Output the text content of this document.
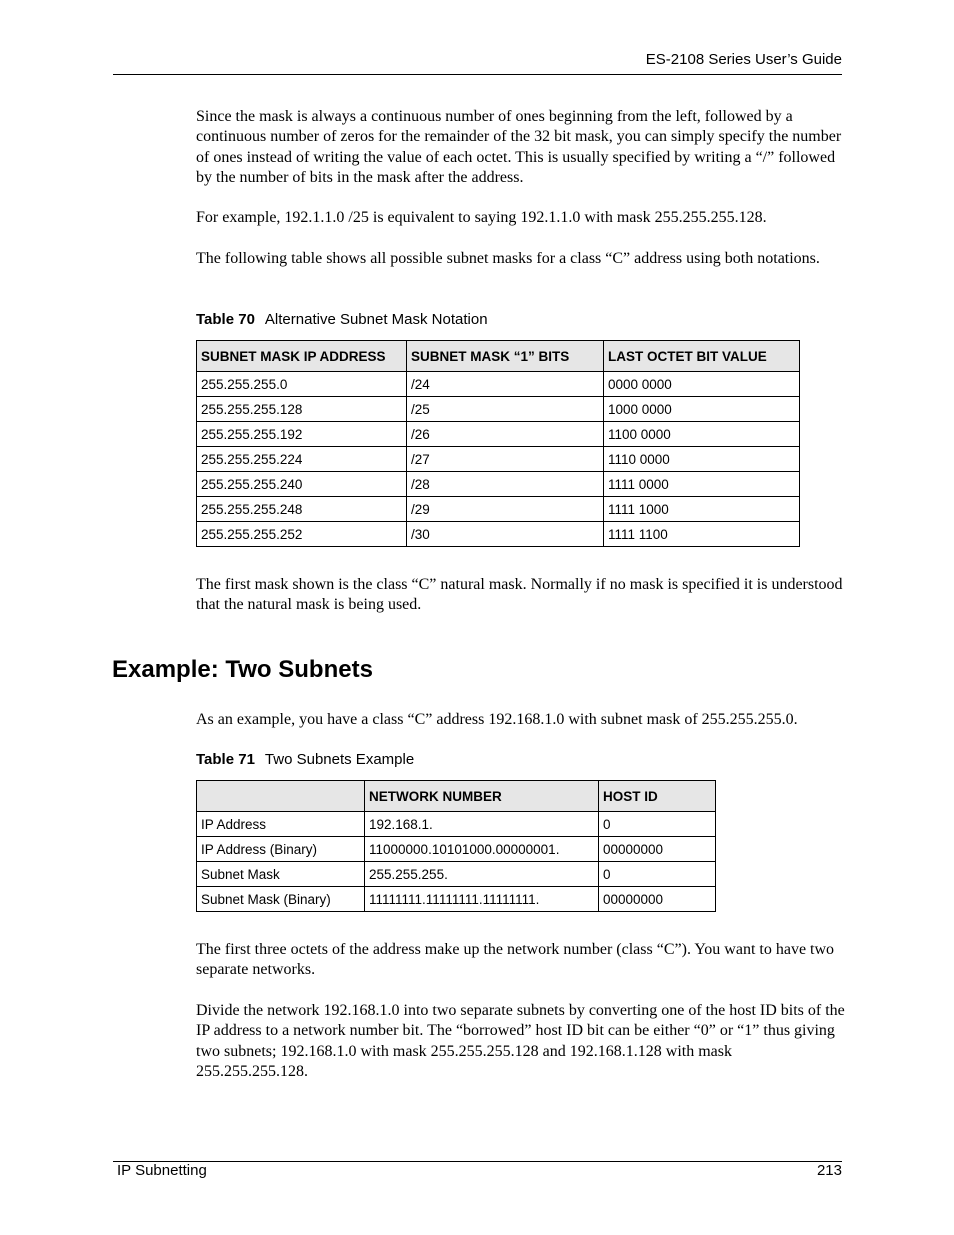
ES-2108 Series User’s Guide
Since the mask is always a continuous number of ones beginning from the left, followed by a continuous number of zeros for the remainder of the 32 bit mask, you can simply specify the number of ones instead of writing the value of each octet. This is usually specified by writing a “/” followed by the number of bits in the mask after the address.
For example, 192.1.1.0 /25 is equivalent to saying 192.1.1.0 with mask 255.255.255.128.
The following table shows all possible subnet masks for a class “C” address using both notations.
Table 70 Alternative Subnet Mask Notation
SUBNET MASK IP ADDRESS	SUBNET MASK “1” BITS	LAST OCTET BIT VALUE
255.255.255.0	/24	0000 0000
255.255.255.128	/25	1000 0000
255.255.255.192	/26	1100 0000
255.255.255.224	/27	1110 0000
255.255.255.240	/28	1111 0000
255.255.255.248	/29	1111 1000
255.255.255.252	/30	1111 1100
The first mask shown is the class “C” natural mask. Normally if no mask is specified it is understood that the natural mask is being used.
Example: Two Subnets
As an example, you have a class “C” address 192.168.1.0 with subnet mask of 255.255.255.0.
Table 71 Two Subnets Example
	NETWORK NUMBER	HOST ID
IP Address	192.168.1.	0
IP Address (Binary)	11000000.10101000.00000001.	00000000
Subnet Mask	255.255.255.	0
Subnet Mask (Binary)	11111111.11111111.11111111.	00000000
The first three octets of the address make up the network number (class “C”). You want to have two separate networks.
Divide the network 192.168.1.0 into two separate subnets by converting one of the host ID bits of the IP address to a network number bit. The “borrowed” host ID bit can be either “0” or “1” thus giving two subnets; 192.168.1.0 with mask 255.255.255.128 and 192.168.1.128 with mask 255.255.255.128.
IP Subnetting	213
